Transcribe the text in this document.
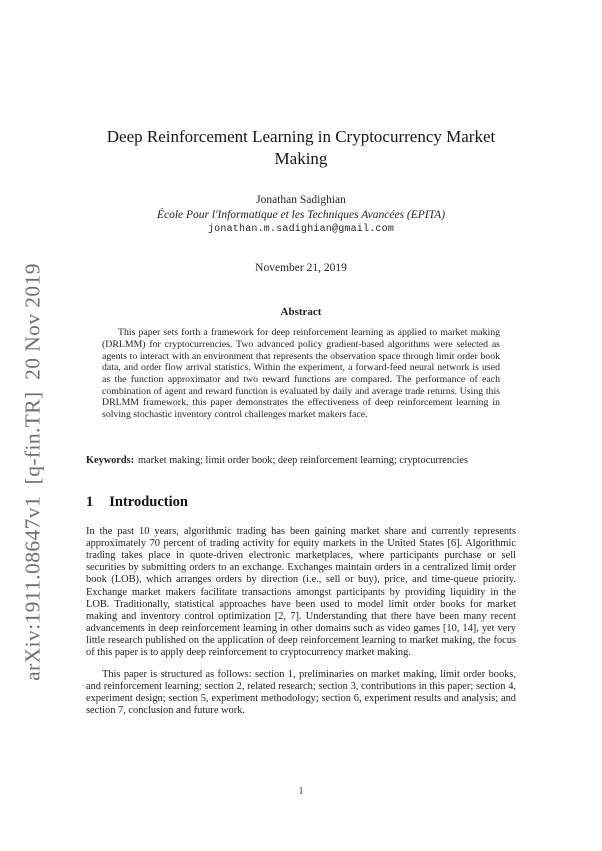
arXiv:1911.08647v1  [q-fin.TR]  20 Nov 2019
Deep Reinforcement Learning in Cryptocurrency Market Making
Jonathan Sadighian
École Pour l'Informatique et les Techniques Avancées (EPITA)
jonathan.m.sadighian@gmail.com
November 21, 2019
Abstract

This paper sets forth a framework for deep reinforcement learning as applied to market making (DRLMM) for cryptocurrencies. Two advanced policy gradient-based algorithms were selected as agents to interact with an environment that represents the observation space through limit order book data, and order flow arrival statistics. Within the experiment, a forward-feed neural network is used as the function approximator and two reward functions are compared. The performance of each combination of agent and reward function is evaluated by daily and average trade returns. Using this DRLMM framework, this paper demonstrates the effectiveness of deep reinforcement learning in solving stochastic inventory control challenges market makers face.

Keywords: market making; limit order book; deep reinforcement learning; cryptocurrencies
1 Introduction

In the past 10 years, algorithmic trading has been gaining market share and currently represents approximately 70 percent of trading activity for equity markets in the United States [6]. Algorithmic trading takes place in quote-driven electronic marketplaces, where participants purchase or sell securities by submitting orders to an exchange. Exchanges maintain orders in a centralized limit order book (LOB), which arranges orders by direction (i.e., sell or buy), price, and time-queue priority. Exchange market makers facilitate transactions amongst participants by providing liquidity in the LOB. Traditionally, statistical approaches have been used to model limit order books for market making and inventory control optimization [2, 7]. Understanding that there have been many recent advancements in deep reinforcement learning in other domains such as video games [10, 14], yet very little research published on the application of deep reinforcement learning to market making, the focus of this paper is to apply deep reinforcement to cryptocurrency market making.

This paper is structured as follows: section 1, preliminaries on market making, limit order books, and reinforcement learning; section 2, related research; section 3, contributions in this paper; section 4, experiment design; section 5, experiment methodology; section 6, experiment results and analysis; and section 7, conclusion and future work.

1
